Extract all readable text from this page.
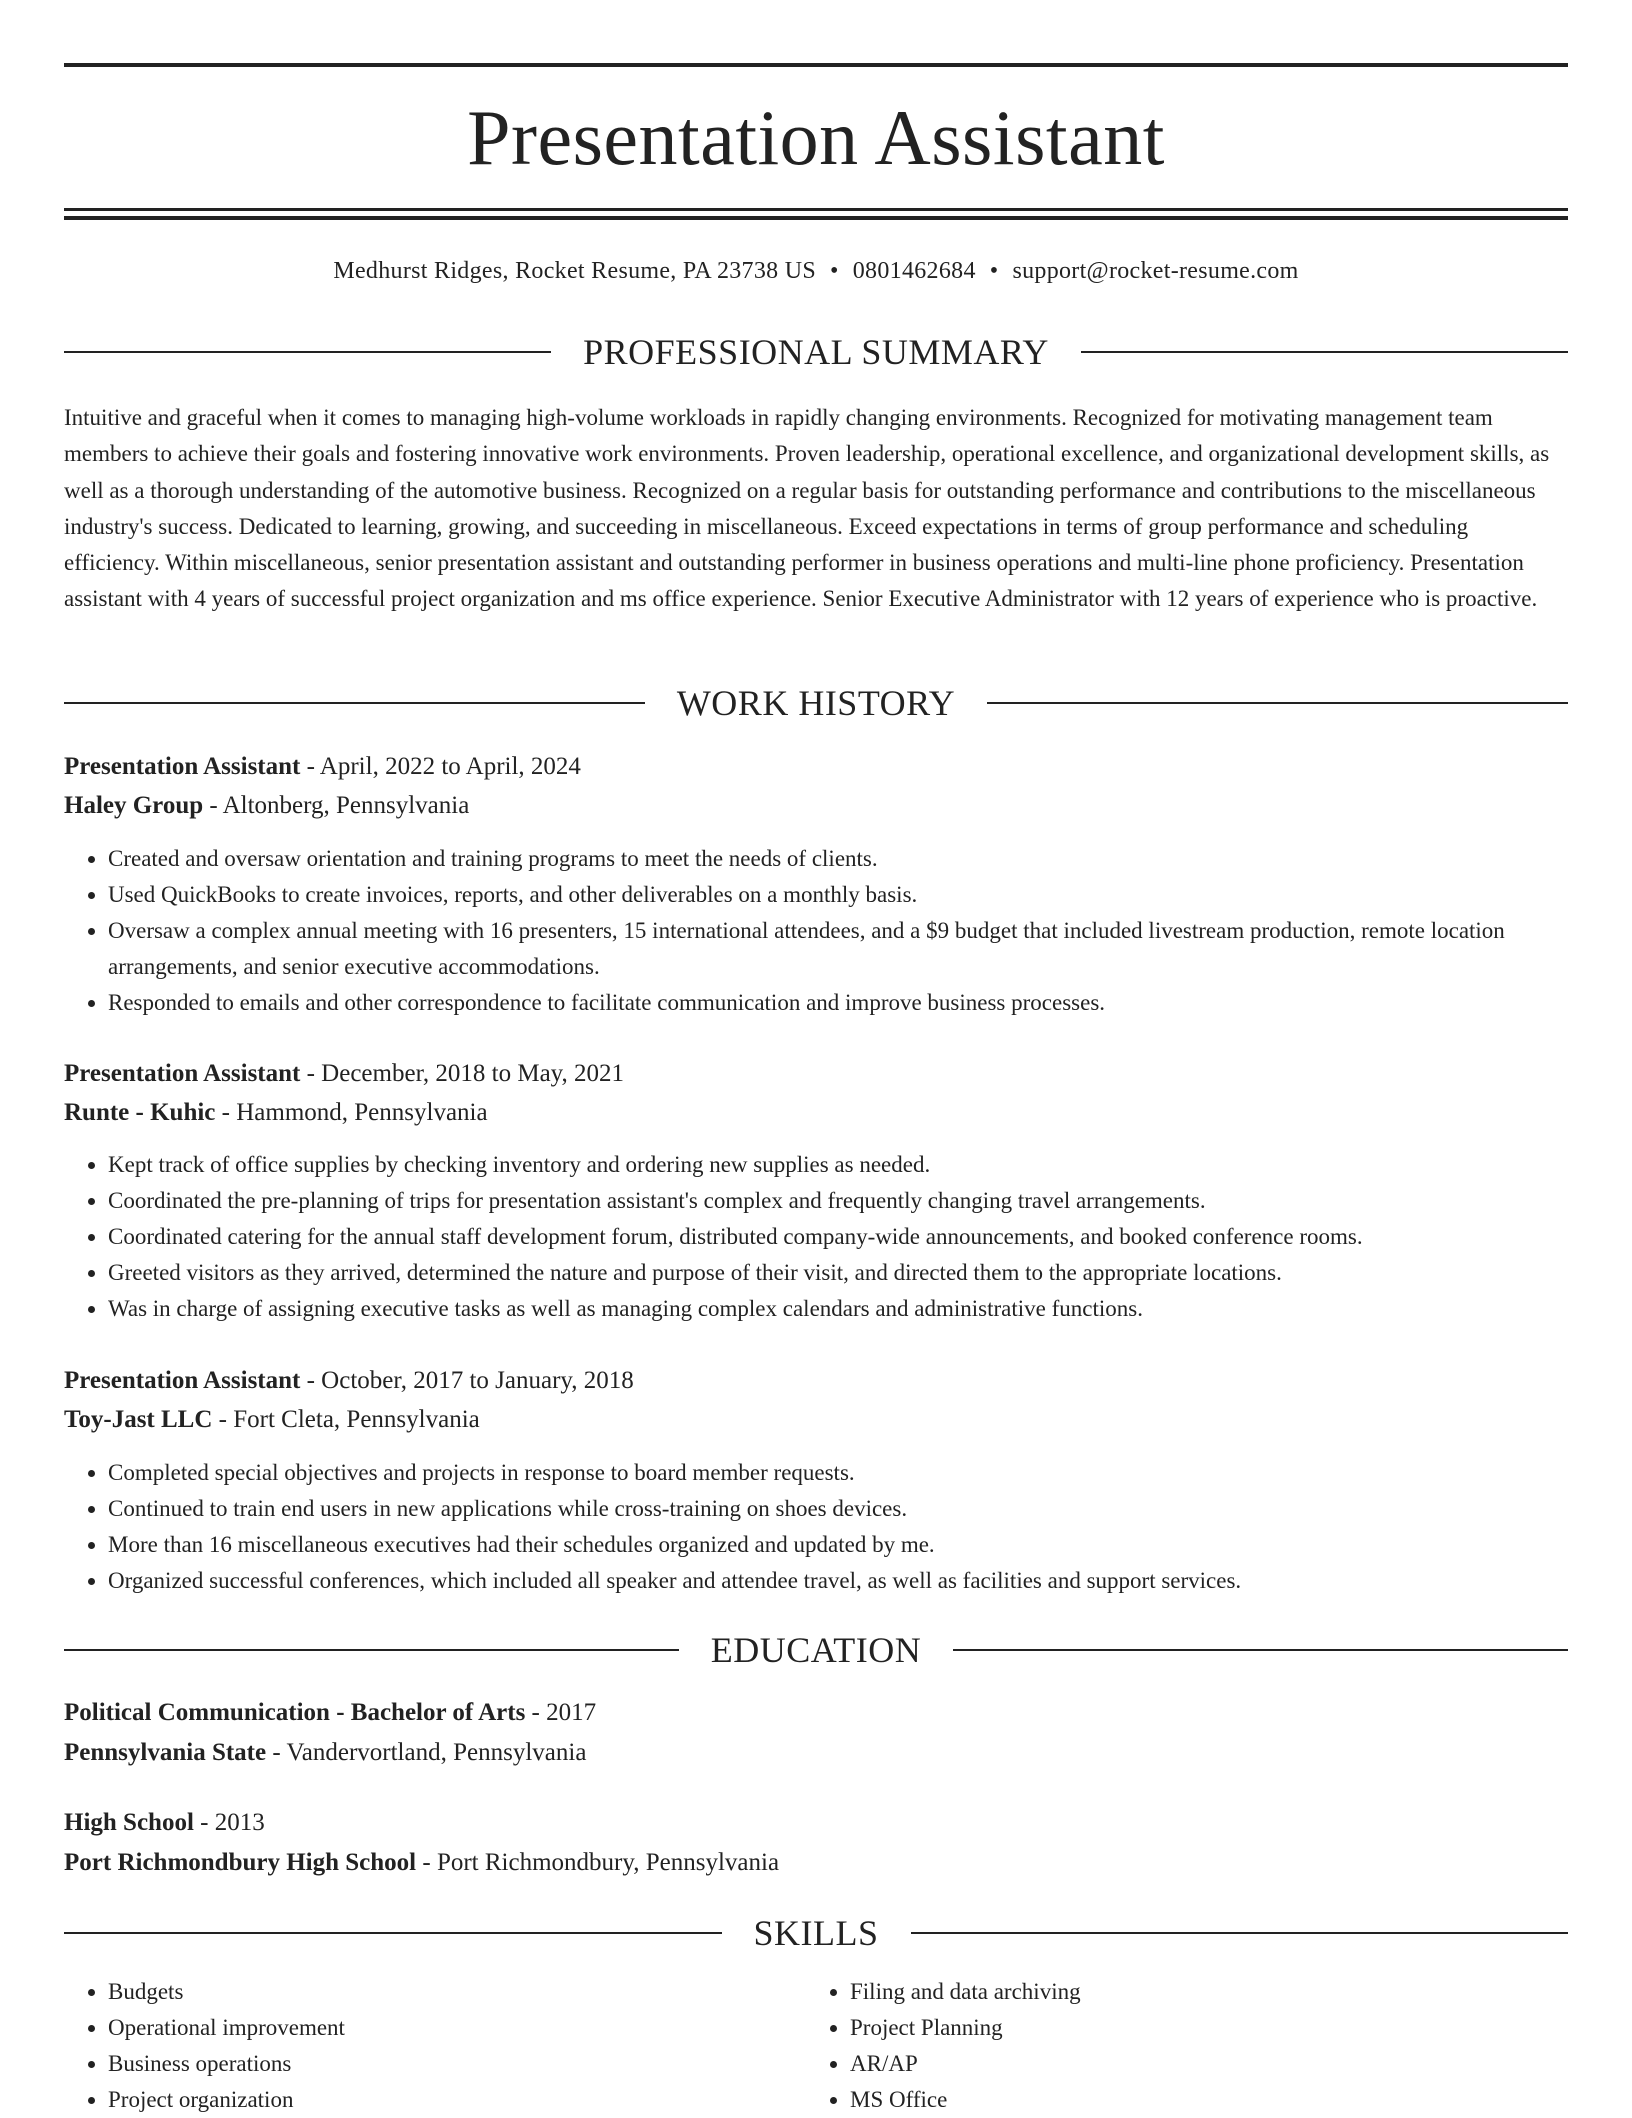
Presentation Assistant
Medhurst Ridges, Rocket Resume, PA 23738 US • 0801462684 • support@rocket-resume.com
PROFESSIONAL SUMMARY

Intuitive and graceful when it comes to managing high-volume workloads in rapidly changing environments. Recognized for motivating management team members to achieve their goals and fostering innovative work environments. Proven leadership, operational excellence, and organizational development skills, as well as a thorough understanding of the automotive business. Recognized on a regular basis for outstanding performance and contributions to the miscellaneous industry's success. Dedicated to learning, growing, and succeeding in miscellaneous. Exceed expectations in terms of group performance and scheduling efficiency. Within miscellaneous, senior presentation assistant and outstanding performer in business operations and multi-line phone proficiency. Presentation assistant with 4 years of successful project organization and ms office experience. Senior Executive Administrator with 12 years of experience who is proactive.

WORK HISTORY
Presentation Assistant - April, 2022 to April, 2024
Haley Group - Altonberg, Pennsylvania
• Created and oversaw orientation and training programs to meet the needs of clients.
• Used QuickBooks to create invoices, reports, and other deliverables on a monthly basis.
• Oversaw a complex annual meeting with 16 presenters, 15 international attendees, and a $9 budget that included livestream production, remote location arrangements, and senior executive accommodations.
• Responded to emails and other correspondence to facilitate communication and improve business processes.
Presentation Assistant - December, 2018 to May, 2021
Runte - Kuhic - Hammond, Pennsylvania
• Kept track of office supplies by checking inventory and ordering new supplies as needed.
• Coordinated the pre-planning of trips for presentation assistant's complex and frequently changing travel arrangements.
• Coordinated catering for the annual staff development forum, distributed company-wide announcements, and booked conference rooms.
• Greeted visitors as they arrived, determined the nature and purpose of their visit, and directed them to the appropriate locations.
• Was in charge of assigning executive tasks as well as managing complex calendars and administrative functions.
Presentation Assistant - October, 2017 to January, 2018
Toy-Jast LLC - Fort Cleta, Pennsylvania
• Completed special objectives and projects in response to board member requests.
• Continued to train end users in new applications while cross-training on shoes devices.
• More than 16 miscellaneous executives had their schedules organized and updated by me.
• Organized successful conferences, which included all speaker and attendee travel, as well as facilities and support services.
EDUCATION
Political Communication - Bachelor of Arts - 2017
Pennsylvania State - Vandervortland, Pennsylvania
High School - 2013
Port Richmondbury High School - Port Richmondbury, Pennsylvania
SKILLS
• Budgets
• Operational improvement
• Business operations
• Project organization
• Filing and data archiving
• Project Planning
• AR/AP
• MS Office
